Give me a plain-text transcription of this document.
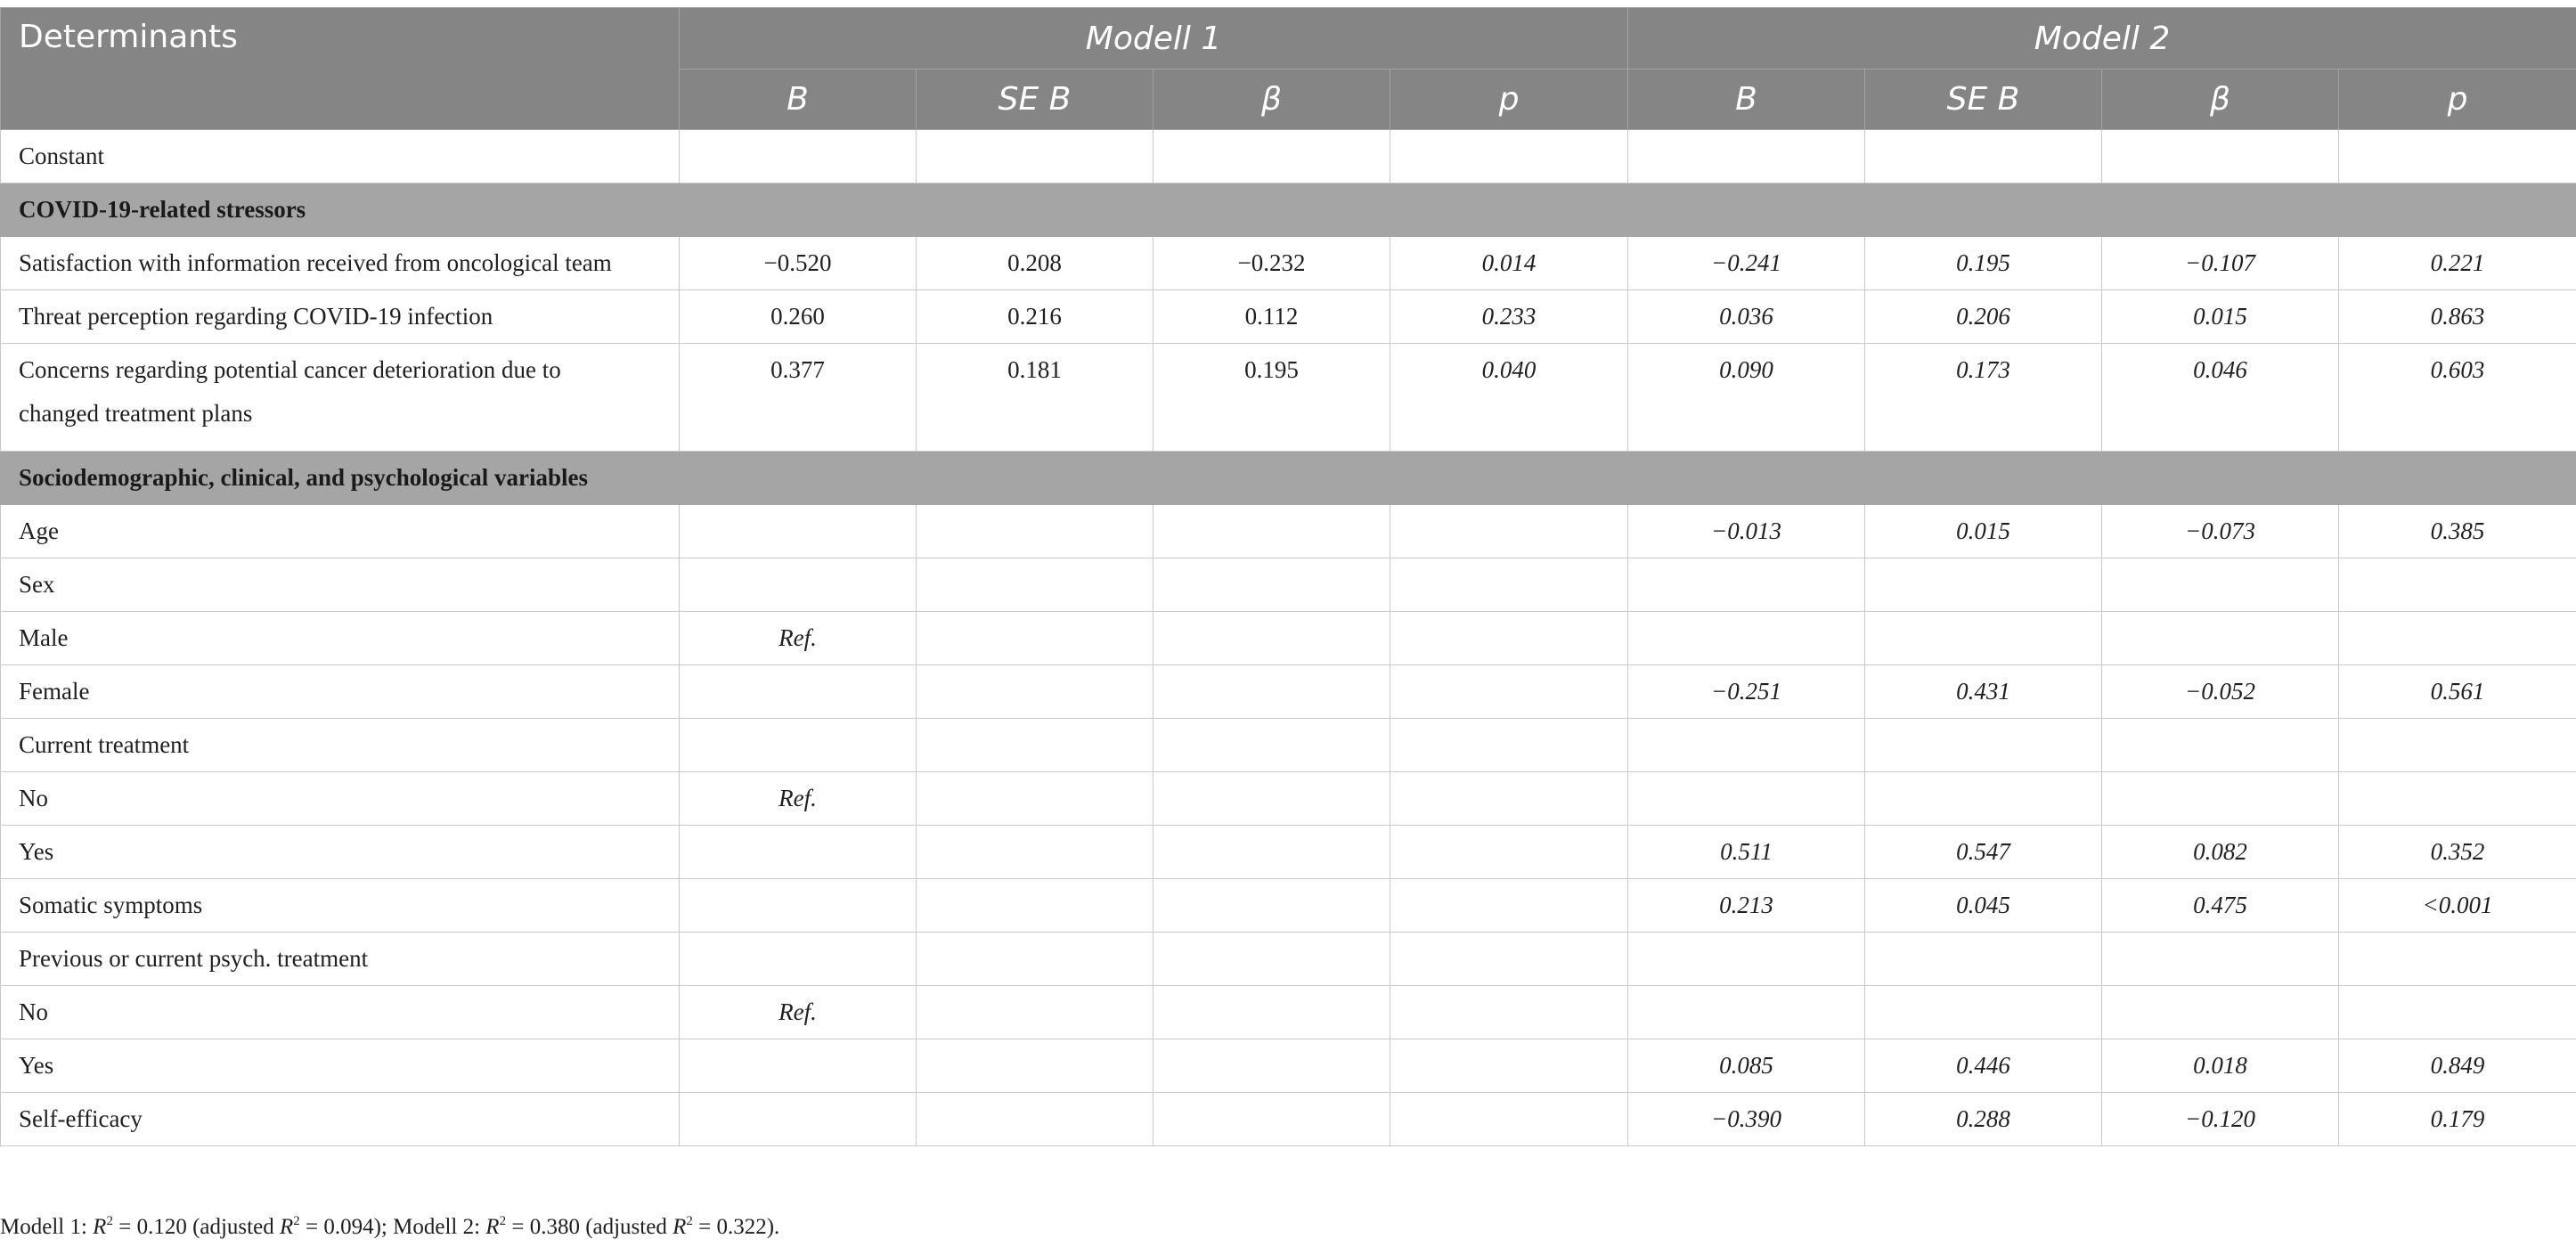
Determinants	Modell 1				Modell 2			
	B	SE B	β	p	B	SE B	β	p
Constant								
COVID-19-related stressors								
Satisfaction with information received from oncological team	−0.520	0.208	−0.232	0.014	−0.241	0.195	−0.107	0.221
Threat perception regarding COVID-19 infection	0.260	0.216	0.112	0.233	0.036	0.206	0.015	0.863
Concerns regarding potential cancer deterioration due to changed treatment plans	0.377	0.181	0.195	0.040	0.090	0.173	0.046	0.603
Sociodemographic, clinical, and psychological variables								
Age					−0.013	0.015	−0.073	0.385
Sex								
Male	Ref.							
Female					−0.251	0.431	−0.052	0.561
Current treatment								
No	Ref.							
Yes					0.511	0.547	0.082	0.352
Somatic symptoms					0.213	0.045	0.475	<0.001
Previous or current psych. treatment								
No	Ref.							
Yes					0.085	0.446	0.018	0.849
Self-efficacy					−0.390	0.288	−0.120	0.179
Modell 1: $R^2 = 0.120$ (adjusted $R^2 = 0.094$); Modell 2: $R^2 = 0.380$ (adjusted $R^2 = 0.322$).
